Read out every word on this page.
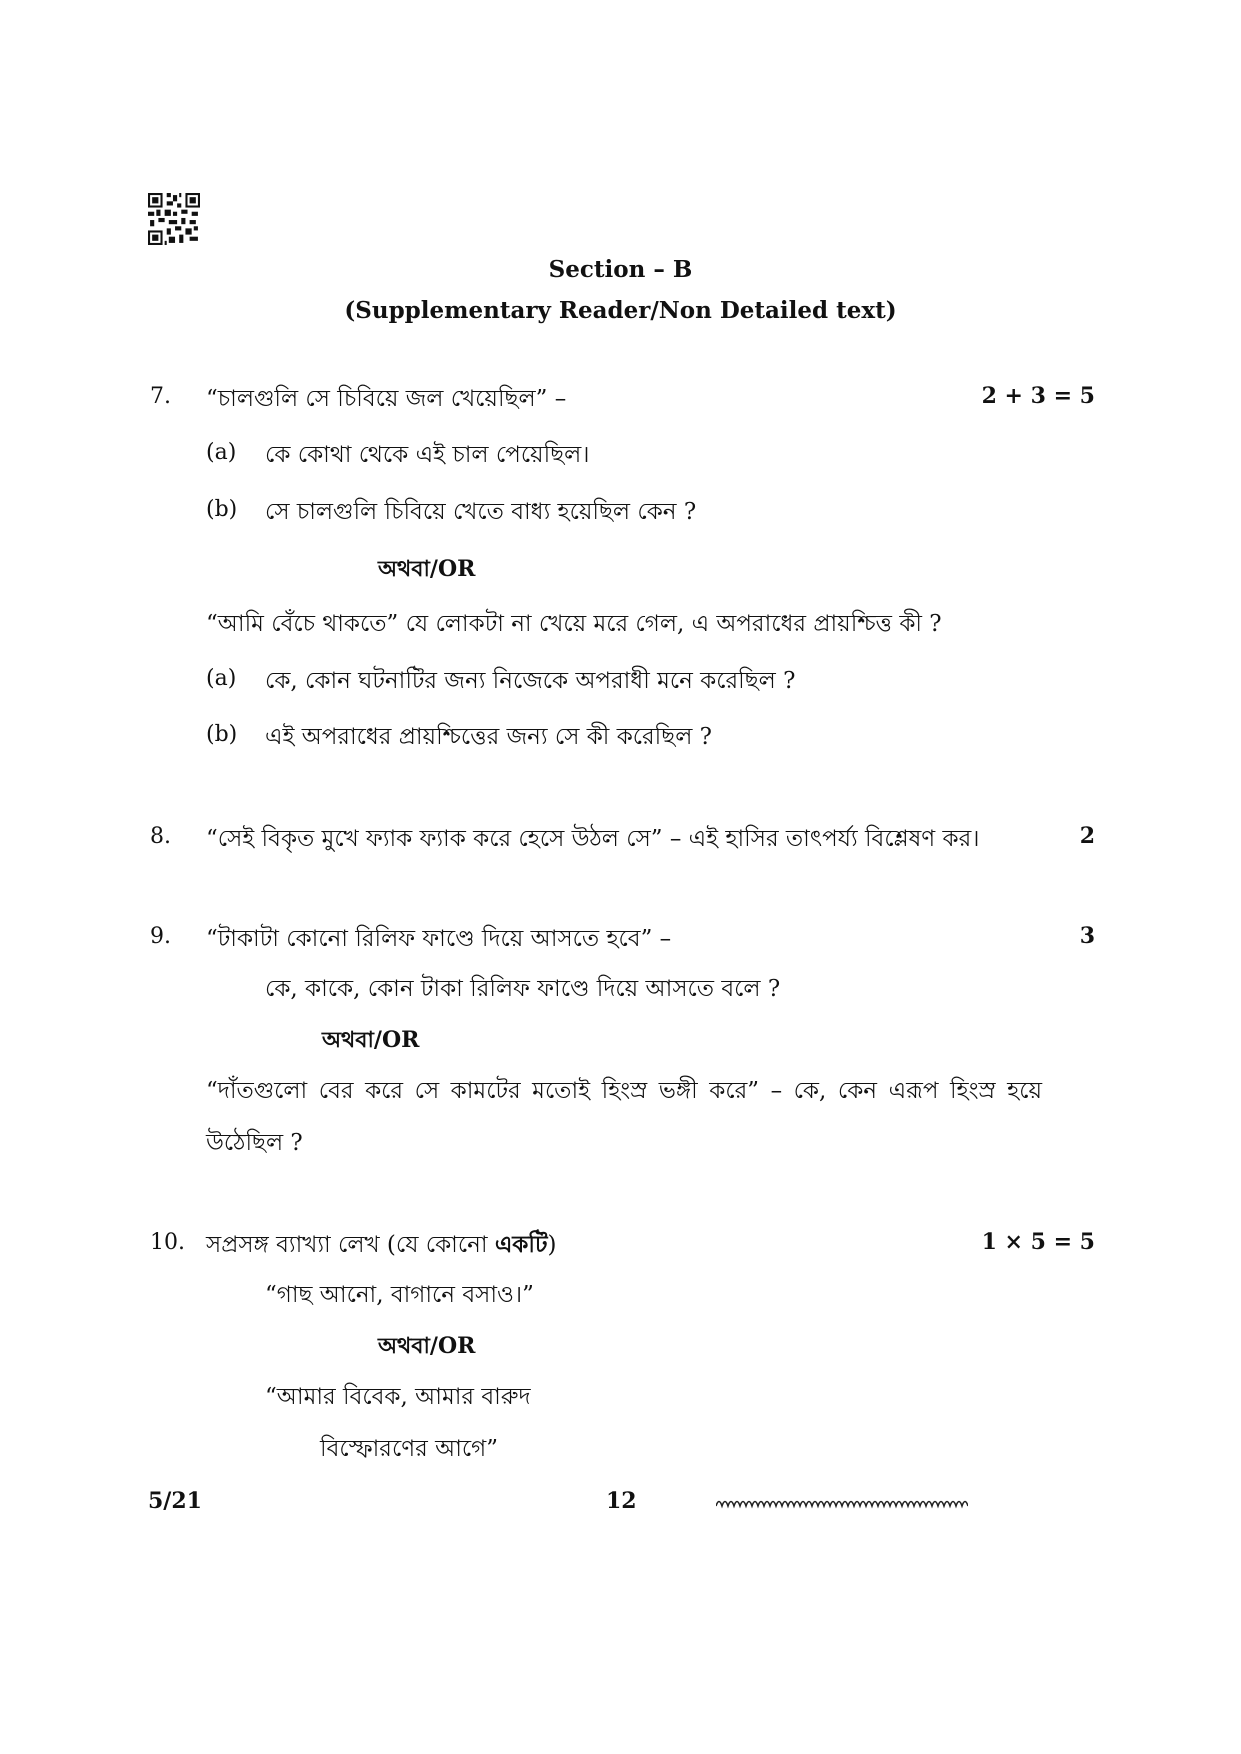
Section – B
(Supplementary Reader/Non Detailed text)
7. “চালগুলি সে চিবিয়ে জল খেয়েছিল” –	2 + 3 = 5
(a) কে কোথা থেকে এই চাল পেয়েছিল।
(b) সে চালগুলি চিবিয়ে খেতে বাধ্য হয়েছিল কেন ?
অথবা/OR
“আমি বেঁচে থাকতে” যে লোকটা না খেয়ে মরে গেল, এ অপরাধের প্রায়শ্চিত্ত কী ?
(a) কে, কোন ঘটনাটির জন্য নিজেকে অপরাধী মনে করেছিল ?
(b) এই অপরাধের প্রায়শ্চিত্তের জন্য সে কী করেছিল ?
8. “সেই বিকৃত মুখে ফ্যাক ফ্যাক করে হেসে উঠল সে” – এই হাসির তাৎপর্য্য বিশ্লেষণ কর।	2
9. “টাকাটা কোনো রিলিফ ফাণ্ডে দিয়ে আসতে হবে” –	3
কে, কাকে, কোন টাকা রিলিফ ফাণ্ডে দিয়ে আসতে বলে ?
অথবা/OR
“দাঁতগুলো বের করে সে কামটের মতোই হিংস্র ভঙ্গী করে” – কে, কেন এরূপ হিংস্র হয়ে
উঠেছিল ?
10. সপ্রসঙ্গ ব্যাখ্যা লেখ (যে কোনো একটি)	1 × 5 = 5
“গাছ আনো, বাগানে বসাও।”
অথবা/OR
“আমার বিবেক, আমার বারুদ
বিস্ফোরণের আগে”
5/21	12
